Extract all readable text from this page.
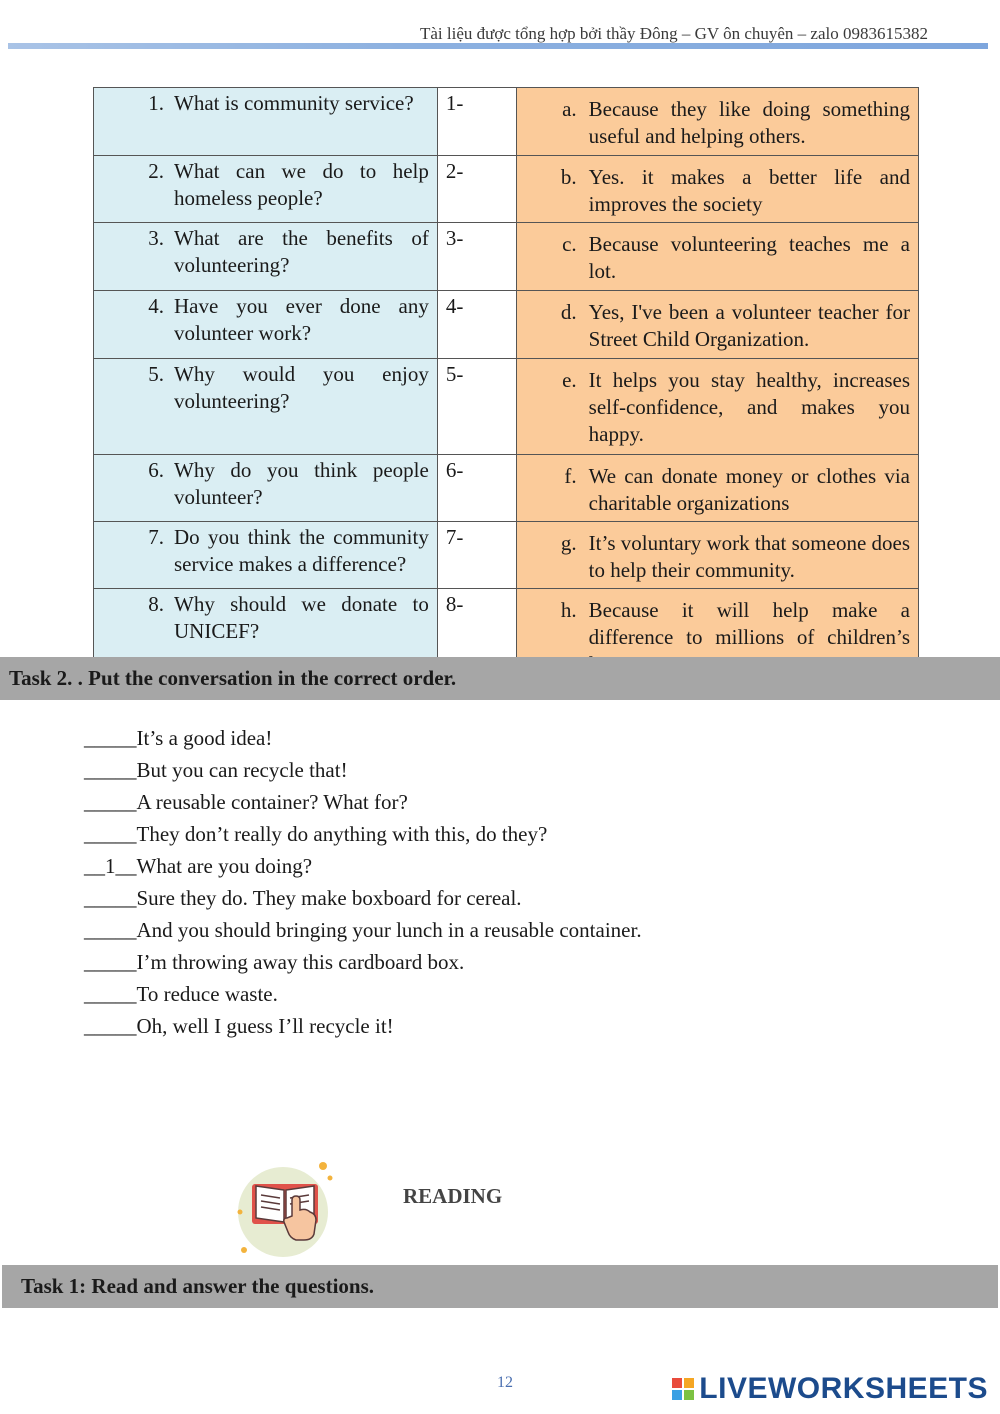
Tài liệu được tổng hợp bởi thầy Đông – GV ôn chuyên – zalo 0983615382
1. What is community service?	1-	a. Because they like doing something useful and helping others.

2. What can we do to help homeless people?	2-	b. Yes. it makes a better life and improves the society

3. What are the benefits of volunteering?	3-	c. Because volunteering teaches me a lot.

4. Have you ever done any volunteer work?	4-	d. Yes, I've been a volunteer teacher for Street Child Organization.

5. Why would you enjoy volunteering?	5-	e. It helps you stay healthy, increases self-confidence, and makes you happy.

6. Why do you think people volunteer?	6-	f. We can donate money or clothes via charitable organizations

7. Do you think the community service makes a difference?	7-	g. It’s voluntary work that someone does to help their community.

8. Why should we donate to UNICEF?	8-	h. Because it will help make a difference to millions of children’s
Task 2. . Put the conversation in the correct order.
_____It’s a good idea!
_____But you can recycle that!
_____A reusable container? What for?
_____They don’t really do anything with this, do they?
__1__What are you doing?
_____Sure they do. They make boxboard for cereal.
_____And you should bringing your lunch in a reusable container.
_____I’m throwing away this cardboard box.
_____To reduce waste.
_____Oh, well I guess I’ll recycle it!
READING
Task 1: Read and answer the questions.
12	LIVEWORKSHEETS
